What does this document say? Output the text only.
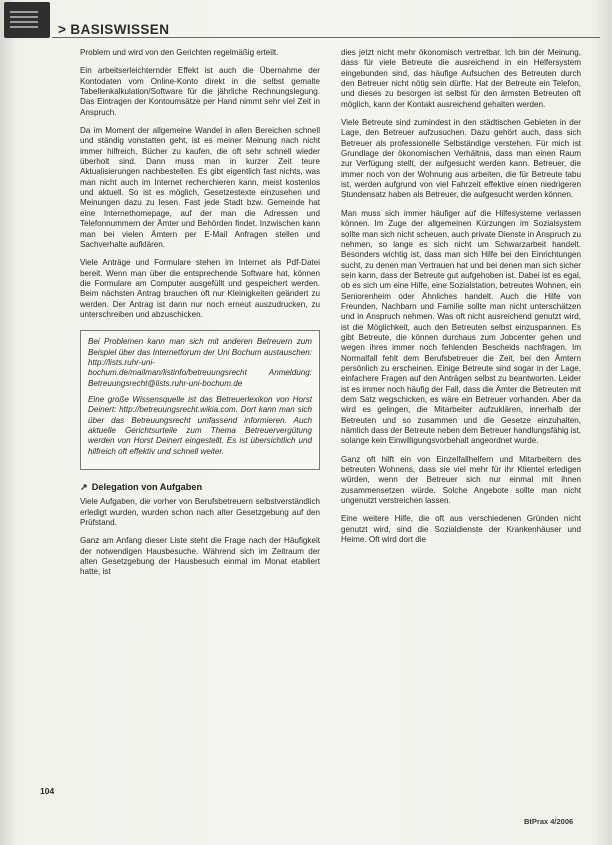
> BASISWISSEN

Problem und wird von den Gerichten regelmäßig erteilt.

Ein arbeitserleichternder Effekt ist auch die Übernahme der Kontodaten vom Online-Konto direkt in die selbst gemalte Tabellenkalkulation/Software für die jährliche Rechnungslegung. Das Eintragen der Kontoumsätze per Hand nimmt sehr viel Zeit in Anspruch.

Da im Moment der allgemeine Wandel in allen Bereichen schnell und ständig vonstatten geht, ist es meiner Meinung nach nicht immer hilfreich, Bücher zu kaufen, die oft sehr schnell wieder überholt sind. Dann muss man in kurzer Zeit teure Aktualisierungen nachbestellen. Es gibt eigentlich fast nichts, was man nicht auch im Internet recherchieren kann, meist kostenlos und aktuell. So ist es möglich, Gesetzestexte einzusehen und Meinungen dazu zu lesen. Fast jede Stadt bzw. Gemeinde hat eine Internethomepage, auf der man die Adressen und Telefonnummern der Ämter und Behörden findet. Inzwischen kann man bei vielen Ämtern per E-Mail Anfragen stellen und Sachverhalte aufklären.

Viele Anträge und Formulare stehen im Internet als Pdf-Datei bereit. Wenn man über die entsprechende Software hat, können die Formulare am Computer ausgefüllt und gespeichert werden. Beim nächsten Antrag brauchen oft nur Kleinigkeiten geändert zu werden. Der Antrag ist dann nur noch erneut auszudrucken, zu unterschreiben und abzuschicken.

Bei Problemen kann man sich mit anderen Betreuern zum Beispiel über das Internetforum der Uni Bochum austauschen: http://lists.ruhr-uni-bochum.de/mailman/listinfo/betreuungsrecht Anmeldung: Betreuungsrecht@lists.ruhr-uni-bochum.de

Eine große Wissensquelle ist das Betreuerlexikon von Horst Deinert: http://betreuungsrecht.wikia.com. Dort kann man sich über das Betreuungsrecht umfassend informieren. Auch aktuelle Gerichtsurteile zum Thema Betreuervergütung werden von Horst Deinert eingestellt. Es ist übersichtlich und hilfreich oft effektiv und schnell weiter.

↗ Delegation von Aufgaben

Viele Aufgaben, die vorher von Berufsbetreuern selbstverständlich erledigt wurden, wurden schon nach alter Gesetzgebung auf den Prüfstand.

Ganz am Anfang dieser Liste steht die Frage nach der Häufigkeit der notwendigen Hausbesuche. Während sich im Zeitraum der alten Gesetzgebung der Hausbesuch einmal im Monat etabliert hatte, ist

dies jetzt nicht mehr ökonomisch vertretbar. Ich bin der Meinung, dass für viele Betreute die ausreichend in ein Helfersystem eingebunden sind, das häufige Aufsuchen des Betreuten durch den Betreuer nicht nötig sein dürfte. Hat der Betreute ein Telefon, und dieses zu besorgen ist selbst für den ärmsten Betreuten oft möglich, kann der Kontakt ausreichend gehalten werden.

Viele Betreute sind zumindest in den städtischen Gebieten in der Lage, den Betreuer aufzusuchen. Dazu gehört auch, dass sich Betreuer als professionelle Selbständige verstehen. Für mich ist Grundlage der ökonomischen Verhältnis, dass man einen Raum zur Verfügung stellt, der aufgesucht werden kann. Betreuer, die immer noch von der Wohnung aus arbeiten, die für Betreute tabu ist, werden aufgrund von viel Fahrzeit effektive einen niedrigeren Stundensatz haben als Betreuer, die aufgesucht werden können.

Man muss sich immer häufiger auf die Hilfesysteme verlassen können. Im Zuge der allgemeinen Kürzungen im Sozialsystem sollte man sich nicht scheuen, auch private Dienste in Anspruch zu nehmen, so lange es sich nicht um Schwarzarbeit handelt. Besonders wichtig ist, dass man sich Hilfe bei den Einrichtungen sucht, zu denen man Vertrauen hat und bei denen man sich sicher sein kann, dass der Betreute gut aufgehoben ist. Dabei ist es egal, ob es sich um eine Hilfe, eine Sozialstation, betreutes Wohnen, ein Seniorenheim oder Ähnliches handelt. Auch die Hilfe von Freunden, Nachbarn und Familie sollte man nicht unterschätzen und in Anspruch nehmen. Was oft nicht ausreichend genutzt wird, ist die Möglichkeit, auch den Betreuten selbst einzuspannen. Es gibt Betreute, die können durchaus zum Jobcenter gehen und wegen ihres immer noch fehlenden Bescheids nachfragen. Im Normalfall fehlt dem Berufsbetreuer die Zeit, bei den Ämtern persönlich zu erscheinen. Einige Betreute sind sogar in der Lage, einfachere Fragen auf den Anträgen selbst zu beantworten. Leider ist es immer noch häufig der Fall, dass die Ämter die Betreuten mit dem Satz wegschicken, es wäre ein Betreuer vorhanden. Aber da wird es gelingen, die Mitarbeiter aufzuklären, innerhalb der Betreuten und so zusammen und die Gesetze einzuhalten, nämlich dass der Betreute neben dem Betreuer handlungsfähig ist, solange kein Einwilligungsvorbehalt angeordnet wurde.

Ganz oft hilft ein von Einzelfallhelfern und Mitarbeitern des betreuten Wohnens, dass sie viel mehr für ihr Klientel erledigen würden, wenn der Betreuer sich nur einmal mit ihnen zusammensetzen würde. Solche Angebote sollte man nicht ungenutzt verstreichen lassen.

Eine weitere Hilfe, die oft aus verschiedenen Gründen nicht genutzt wird, sind die Sozialdienste der Krankenhäuser und Heime. Oft wird dort die

104
BtPrax 4/2006
